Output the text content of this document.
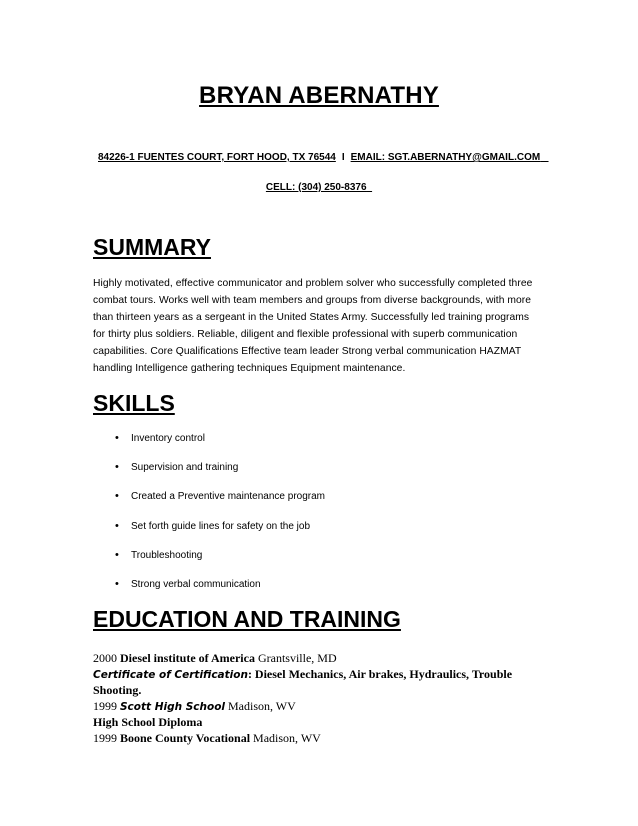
BRYAN ABERNATHY
84226-1 FUENTES COURT, FORT HOOD, TX 76544 I EMAIL: SGT.ABERNATHY@GMAIL.COM
CELL: (304) 250-8376
SUMMARY
Highly motivated, effective communicator and problem solver who successfully completed three
combat tours. Works well with team members and groups from diverse backgrounds, with more
than thirteen years as a sergeant in the United States Army. Successfully led training programs
for thirty plus soldiers. Reliable, diligent and flexible professional with superb communication
capabilities. Core Qualifications Effective team leader Strong verbal communication HAZMAT
handling Intelligence gathering techniques Equipment maintenance.
SKILLS
•	Inventory control
•	Supervision and training
•	Created a Preventive maintenance program
•	Set forth guide lines for safety on the job
•	Troubleshooting
•	Strong verbal communication
EDUCATION AND TRAINING
2000 Diesel institute of America Grantsville, MD
Certificate of Certification: Diesel Mechanics, Air brakes, Hydraulics, Trouble
Shooting.
1999 Scott High School Madison, WV
High School Diploma
1999 Boone County Vocational Madison, WV
